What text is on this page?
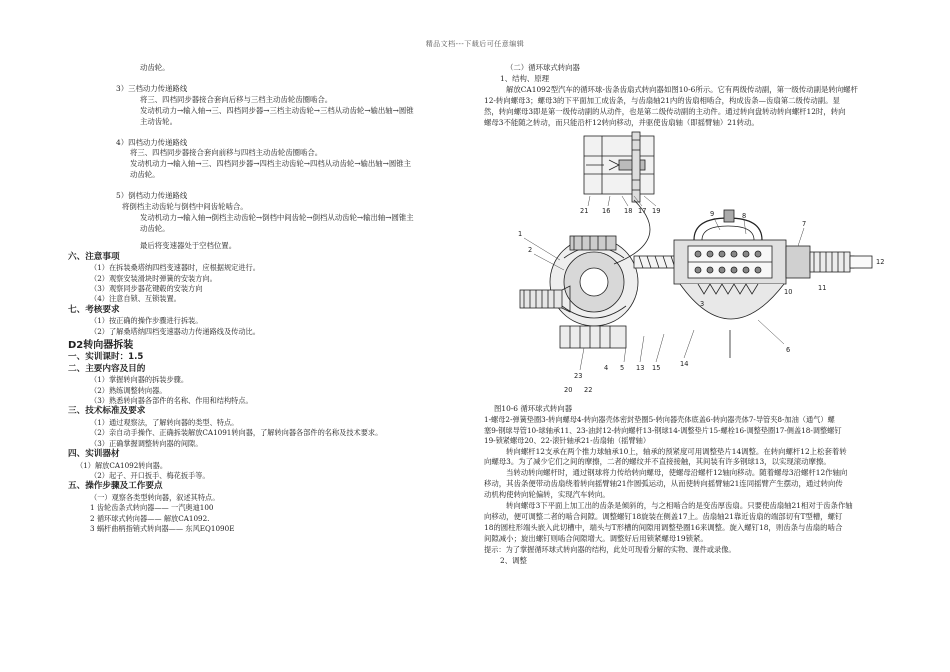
精品文档---下载后可任意编辑

动齿轮。

3）三档动力传递路线

将三、四档同步器接合套向后移与三档主动齿轮齿圈啮合。

发动机动力→输入轴→三、四档同步器→三档主动齿轮→三档从动齿轮→输出轴→圆锥

主动齿轮。

4）四档动力传递路线

将三、四档同步器接合套向前移与四档主动齿轮齿圈啮合。

发动机动力→输入轴→三、四档同步器→四档主动齿轮→四档从动齿轮→输出轴→圆锥主

动齿轮。

5）倒档动力传递路线

将倒档主动齿轮与倒档中间齿轮啮合。

发动机动力→输入轴→倒档主动齿轮→倒档中间齿轮→倒档从动齿轮→输出轴→圆锥主

动齿轮。

最后将变速器处于空档位置。

六、注意事项

（1）在拆装桑塔纳四档变速器时，应根据规定进行。

（2）观察安装滑块时弹簧的安装方向。

（3）观察同步器花键毂的安装方向

（4）注意自锁、互锁装置。

七、考核要求

（1）按正确的操作步骤进行拆装。

（2）了解桑塔纳四档变速器动力传递路线及传动比。

D2转向器拆装

一、实训课时：1.5

二、主要内容及目的

（1）掌握转向器的拆装步骤。

（2）熟练调整转向器。

（3）熟悉转向器各部件的名称、作用和结构特点。

三、技术标准及要求

（1）通过观察法，了解转向器的类型、特点。

（2）亲自动手操作、正确拆装解放CA1091转向器，了解转向器各部件的名称及技术要求。

（3）正确掌握调整转向器的间隙。

四、实训器材

（1）解放CA1092转向器。

（2）起子、开口扳手、梅花扳手等。

五、操作步骤及工作要点

（一）观察各类型转向器，叙述其特点。

1 齿轮齿条式转向器—— 一汽奥迪100

2 循环球式转向器—— 解放CA1092.

3 蜗杆曲柄指销式转向器—— 东风EQ1090E

（二）循环球式转向器

1、结构、原理

解放CA1092型汽车的循环球-齿条齿扇式转向器如图10-6所示。它有两级传动副，第一级传动副是转向螺杆

12-转向螺母3；螺母3的下平面加工成齿条，与齿扇轴21内的齿扇相啮合，构成齿条—齿扇第二级传动副。显

然，转向螺母3即是第一级传动副的从动件，也是第二级传动副的主动件。通过转向盘转动转向螺杆12时，转向

螺母3不能随之转动，而只能沿杆12转向移动，并驱使齿扇轴（即摇臂轴）21转动。

21 16 18 17 19
1
2
9	8
7
12
6
10	11
3
14
15
13
5
4
23
20 22

图10-6 循环球式转向器

1-螺母2-弹簧垫圈3-转向螺母4-转向器壳体密封垫圈5-转向器壳体底盖6-转向器壳体7-导管夹8-加油（通气）螺

塞9-钢球导管10-球轴承11、23-油封12-转向螺杆13-钢球14-调整垫片15-螺栓16-调整垫圈17-侧盖18-调整螺钉

19-锁紧螺母20、22-滚针轴承21-齿扇轴（摇臂轴）

转向螺杆12支承在两个推力球轴承10上，轴承的预紧度可用调整垫片14调整。在转向螺杆12上松套着转

向螺母3。为了减少它们之间的摩擦，二者的螺纹并不直接接触，其间装有许多钢球13，以实现滚动摩擦。

当转动转向螺杆时，通过钢球将力传给转向螺母，使螺母沿螺杆12轴向移动。随着螺母3沿螺杆12作轴向

移动，其齿条便带动齿扇绕着转向摇臂轴21作圆弧运动，从而使转向摇臂轴21连同摇臂产生摆动，通过转向传

动机构使转向轮偏转，实现汽车转向。

转向螺母3下平面上加工出的齿条是倾斜的，与之相啮合的是变齿厚齿扇。只要使齿扇轴21相对于齿条作轴

向移动，便可调整二者的啮合间隙。调整螺钉18旋装在侧盖17上。齿扇轴21靠近齿扇的端部切有T型槽，螺钉

18的圆柱形端头嵌入此切槽中，端头与T形槽的间隙用调整垫圈16来调整。旋入螺钉18，则齿条与齿扇的啮合

间隙减小；旋出螺钉则啮合间隙增大。调整好后用锁紧螺母19锁紧。

提示：为了掌握循环球式转向器的结构，此处可现看分解的实物、课件或录像。

2、调整
